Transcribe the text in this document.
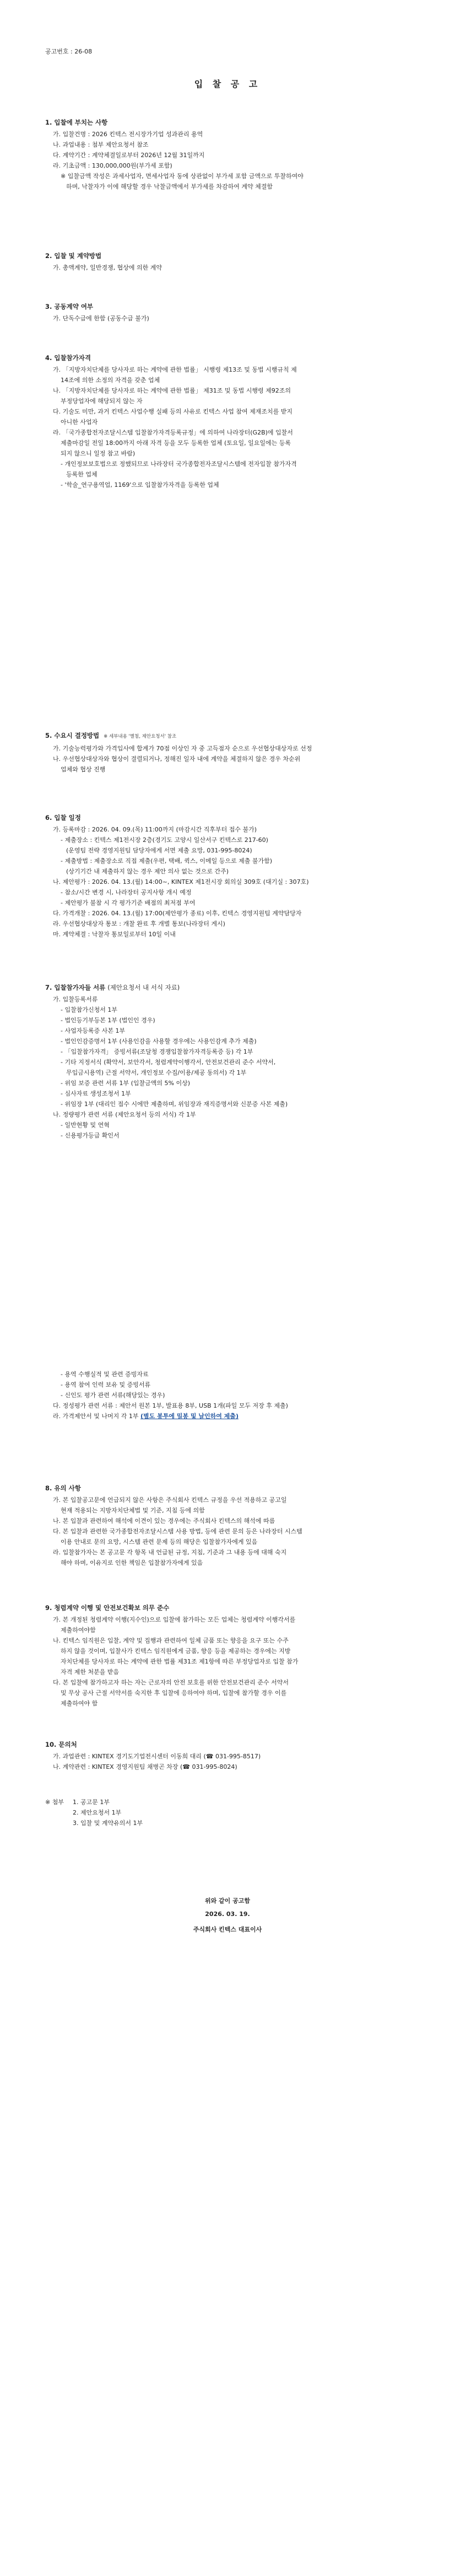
공고번호 : 26-08
입 찰 공 고
1. 입찰에 부치는 사항
가. 입찰건명 : 2026 킨텍스 전시장가기업 성과관리 용역
나. 과업내용 : 첨부 제안요청서 참조
다. 계약기간 : 계약체결일로부터 2026년 12월 31일까지
라. 기초금액 : 130,000,000원(부가세 포함)
※ 입찰금액 작성은 과세사업자, 면세사업자 동에 상관없이 부가세 포함 금액으로 투찰하여야
하며, 낙찰자가 이에 해당할 경우 낙찰금액에서 부가세를 차감하여 계약 체결함
2. 입찰 및 계약방법
가. 총액계약, 일반경쟁, 협상에 의한 계약
3. 공동계약 여부
가. 단독수급에 한함 (공동수급 불가)
4. 입찰참가자격
가. 「지방자치단체를 당사자로 하는 계약에 관한 법률」 시행령 제13조 및 동법 시행규칙 제
14조에 의한 소정의 자격을 갖춘 업체
나. 「지방자치단체를 당사자로 하는 계약에 관한 법률」 제31조 및 동법 시행령 제92조의
부정당업자에 해당되지 않는 자
다. 기술도 미만, 과거 킨텍스 사업수행 실패 등의 사유로 킨텍스 사업 참여 제재조치를 받지
아니한 사업자
라. 「국가종합전자조달시스템 입찰참가자격등록규정」에 의하여 나라장터(G2B)에 입찰서
제출마감일 전일 18:00까지 아래 자격 등을 모두 등록한 업체 (토요일, 일요일에는 등록
되지 않으니 일정 참고 바람)
- 개인정보보호법으로 정했되므로 나라장터 국가종합전자조달시스템에 전자입찰 참가자격
등록한 업체
- '학술_연구용역업, 1169'으로 입찰참가자격을 등록한 업체
5. 수요시 결정방법 ※ 세부내용 '별첨, 제안요청서' 참조
가. 기술능력평가와 가격입사에 합계가 70점 이상인 자 중 고득점자 순으로 우선협상대상자로 선정
나. 우선협상대상자와 협상이 결렬되거나, 정해진 일자 내에 계약을 체결하지 않은 경우 차순위
업체와 협상 진행
6. 입찰 일정
가. 등록마감 : 2026. 04. 09.(목) 11:00까지 (마감시간 직후부터 접수 불가)
- 제출장소 : 킨텍스 제1전시장 2층(경기도 고양시 일산서구 킨텍스로 217-60)
(운영팀 전략 경영지원팀 담당자에게 서면 제출 요망, 031-995-8024)
- 제출방법 : 제출장소로 직접 제출(우편, 택배, 퀵스, 이메일 등으로 제출 불가함)
(상기기간 내 제출하지 않는 경우 제안 의사 없는 것으로 간주)
나. 제안평가 : 2026. 04. 13.(월) 14:00~, KINTEX 제1전시장 회의실 309호 (대기실 : 307호)
- 참소/시간 변경 시, 나라장터 공지사항 개시 예정
- 제안평가 불참 시 각 평가기준 배점의 최저점 부여
다. 가격개찰 : 2026. 04. 13.(월) 17:00(제안평가 종료) 이후, 킨텍스 경영지원팀 계약담당자
라. 우선협상대상자 통보 : 개찰 완료 후 개별 통보(나라장터 게시)
마. 계약체결 : 낙찰자 통보일로부터 10일 이내
7. 입찰참가자들 서류 (제안요청서 내 서식 자료)
가. 입찰등록서류
- 입찰참가신청서 1부
- 법인등기부등본 1부 (법인인 경우)
- 사업자등록증 사본 1부
- 법인인감증명서 1부 (사용인감을 사용할 경우에는 사용인감계 추가 제출)
- 「입찰참가자격」 증빙서류(조달청 경쟁입찰참가자격등록증 등) 각 1부
- 기타 지정서식 (확약서, 보안각서, 청렴계약이행각서, 안전보건관리 준수 서약서,
무입금시용역) 근절 서약서, 개인정보 수집/이용/제공 동의서) 각 1부
- 위임 보증 관련 서류 1부 (입찰금액의 5% 이상)
- 심사자료 생성조청서 1부
- 위임장 1부 (대리인 접수 시에만 제출하며, 위임장과 재직증명서와 신분증 사본 제출)
나. 정량평가 관련 서류 (제안요청서 등의 서식) 각 1부
- 일반현황 및 연혁
- 신용평가등급 확인서
- 용역 수행실적 및 관련 증빙자료
- 용역 참여 인력 보유 및 증빙서류
- 신인도 평가 관련 서류(해당있는 경우)
다. 정성평가 관련 서류 : 제안서 원본 1부, 발표용 8부, USB 1개(파일 모두 저장 후 제출)
라. 가격제안서 및 나머지 각 1부 (별도 봉투에 밀봉 및 날인하여 제출)
8. 유의 사항
가. 본 입찰공고문에 언급되지 않은 사항은 주식회사 킨텍스 규정을 우선 적용하고 공고일
현재 적용되는 지방자치단체법 및 기준, 지침 등에 의함
나. 본 입찰과 관련하여 해석에 이견이 있는 경우에는 주식회사 킨텍스의 해석에 따름
다. 본 입찰과 관련한 국가종합전자조달시스템 사용 방법, 등에 관련 문의 등은 나라장터 시스템
이용 안내로 문의 요망, 시스템 관련 문제 등의 해당은 입찰참가자에게 있음
라. 입찰참가자는 본 공고문 각 항목 내 언급된 규정, 지침, 기준과 그 내용 등에 대해 숙지
해야 하며, 이유지로 인한 책임은 입찰참가자에게 있음
9. 청렴계약 이행 및 안전보건확보 의무 준수
가. 본 개정된 청렴계약 이행(지수인)으로 입찰에 참가하는 모든 업체는 청렴계약 이행각서를
제출하여야함
나. 킨텍스 임직원은 입찰, 계약 및 집행과 관련하여 일체 금품 또는 향응을 요구 또는 수주
하지 않을 것이며, 입찰사가 킨텍스 임직원에게 금품, 향응 등을 제공하는 경우에는 지방
자치단체를 당사자로 하는 계약에 관한 법률 제31조 제1항에 따른 부정당업자로 입찰 참가
자격 제한 처분을 받음
다. 본 입찰에 참가하고자 하는 자는 근로자의 안전 보호를 위한 안전보건관리 준수 서약서
및 무상 공사 근절 서약서를 숙지한 후 입찰에 응하여야 하며, 입찰에 참가할 경우 이를
제출하여야 함
10. 문의처
가. 과업관련 : KINTEX 경기도기업전시센터 이동희 대리 (☎ 031-995-8517)
나. 계약관련 : KINTEX 경영지원팀 채병곤 차장 (☎ 031-995-8024)
※ 첨부 1. 공고문 1부
2. 제안요청서 1부
3. 입찰 및 계약유의서 1부
위와 같이 공고함
2026. 03. 19.
주식회사 킨텍스 대표이사
